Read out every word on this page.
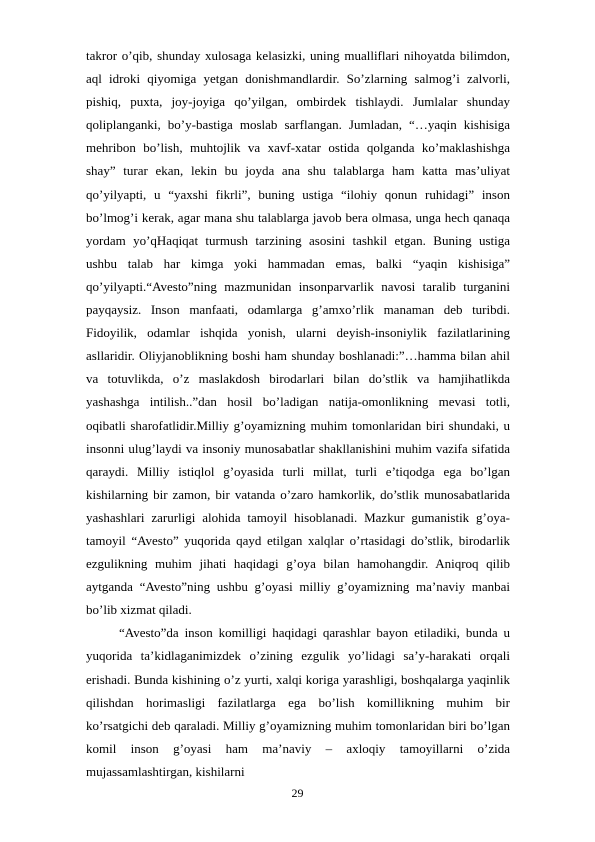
takror o’qib, shunday xulosaga kelasizki, uning mualliflari nihoyatda bilimdon, aql idroki qiyomiga yetgan donishmandlardir. So’zlarning salmog’i zalvorli, pishiq, puxta, joy-joyiga qo’yilgan, ombirdek tishlaydi. Jumlalar shunday qoliplanganki, bo’y-bastiga moslab sarflangan. Jumladan, “…yaqin kishisiga mehribon bo’lish, muhtojlik va xavf-xatar ostida qolganda ko’maklashishga shay” turar ekan, lekin bu joyda ana shu talablarga ham katta mas’uliyat qo’yilyapti, u “yaxshi fikrli”, buning ustiga “ilohiy qonun ruhidagi” inson bo’lmog’i kerak, agar mana shu talablarga javob bera olmasa, unga hech qanaqa yordam yo’qHaqiqat turmush tarzining asosini tashkil etgan. Buning ustiga ushbu talab har kimga yoki hammadan emas, balki “yaqin kishisiga” qo’yilyapti.“Avesto”ning mazmunidan insonparvarlik navosi taralib turganini payqaysiz. Inson manfaati, odamlarga g’amxo’rlik manaman deb turibdi. Fidoyilik, odamlar ishqida yonish, ularni deyish-insoniylik fazilatlarining asllaridir. Oliyjanoblikning boshi ham shunday boshlanadi:”…hamma bilan ahil va totuvlikda, o’z maslakdosh birodarlari bilan do’stlik va hamjihatlikda yashashga intilish..”dan hosil bo’ladigan natija-omonlikning mevasi totli, oqibatli sharofatlidir.Milliy g’oyamizning muhim tomonlaridan biri shundaki, u insonni ulug’laydi va insoniy munosabatlar shakllanishini muhim vazifa sifatida qaraydi. Milliy istiqlol g’oyasida turli millat, turli e’tiqodga ega bo’lgan kishilarning bir zamon, bir vatanda o’zaro hamkorlik, do’stlik munosabatlarida yashashlari zarurligi alohida tamoyil hisoblanadi. Mazkur gumanistik g’oya-tamoyil “Avesto” yuqorida qayd etilgan xalqlar o’rtasidagi do’stlik, birodarlik ezgulikning muhim jihati haqidagi g’oya bilan hamohangdir. Aniqroq qilib aytganda “Avesto”ning ushbu g’oyasi milliy g’oyamizning ma’naviy manbai bo’lib xizmat qiladi.

“Avesto”da inson komilligi haqidagi qarashlar bayon etiladiki, bunda u yuqorida ta’kidlaganimizdek o’zining ezgulik yo’lidagi sa’y-harakati orqali erishadi. Bunda kishining o’z yurti, xalqi koriga yarashligi, boshqalarga yaqinlik qilishdan horimasligi fazilatlarga ega bo’lish komillikning muhim bir ko’rsatgichi deb qaraladi. Milliy g’oyamizning muhim tomonlaridan biri bo’lgan komil inson g’oyasi ham ma’naviy – axloqiy tamoyillarni o’zida mujassamlashtirgan, kishilarni

29
